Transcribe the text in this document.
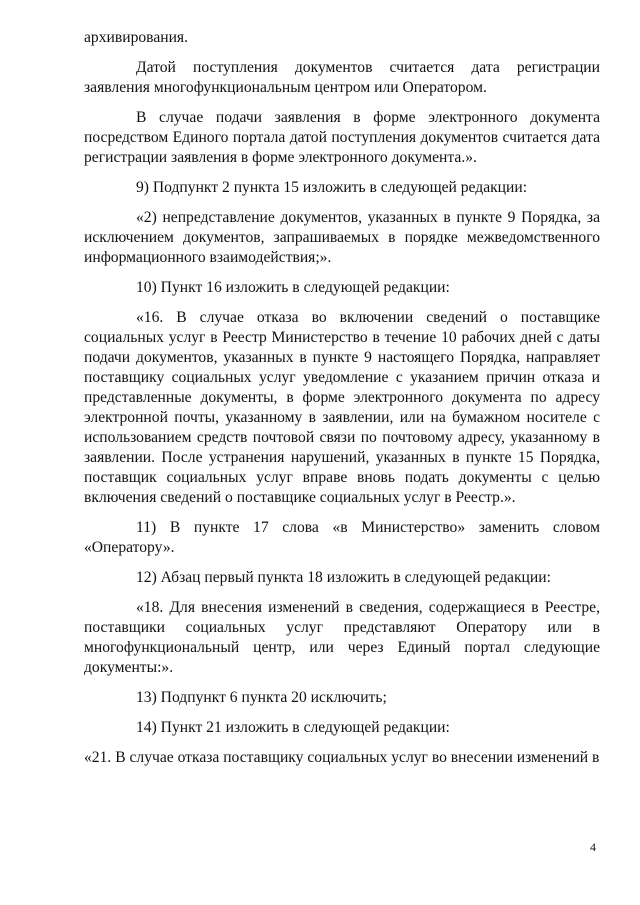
архивирования.

Датой поступления документов считается дата регистрации заявления многофункциональным центром или Оператором.

В случае подачи заявления в форме электронного документа посредством Единого портала датой поступления документов считается дата регистрации заявления в форме электронного документа.».

9) Подпункт 2 пункта 15 изложить в следующей редакции:

«2) непредставление документов, указанных в пункте 9 Порядка, за исключением документов, запрашиваемых в порядке межведомственного информационного взаимодействия;».

10) Пункт 16 изложить в следующей редакции:

«16. В случае отказа во включении сведений о поставщике социальных услуг в Реестр Министерство в течение 10 рабочих дней с даты подачи документов, указанных в пункте 9 настоящего Порядка, направляет поставщику социальных услуг уведомление с указанием причин отказа и представленные документы, в форме электронного документа по адресу электронной почты, указанному в заявлении, или на бумажном носителе с использованием средств почтовой связи по почтовому адресу, указанному в заявлении. После устранения нарушений, указанных в пункте 15 Порядка, поставщик социальных услуг вправе вновь подать документы с целью включения сведений о поставщике социальных услуг в Реестр.».

11) В пункте 17 слова «в Министерство» заменить словом «Оператору».

12) Абзац первый пункта 18 изложить в следующей редакции:

«18. Для внесения изменений в сведения, содержащиеся в Реестре, поставщики социальных услуг представляют Оператору или в многофункциональный центр, или через Единый портал следующие документы:».

13) Подпункт 6 пункта 20 исключить;

14) Пункт 21 изложить в следующей редакции:

«21. В случае отказа поставщику социальных услуг во внесении изменений в

4
